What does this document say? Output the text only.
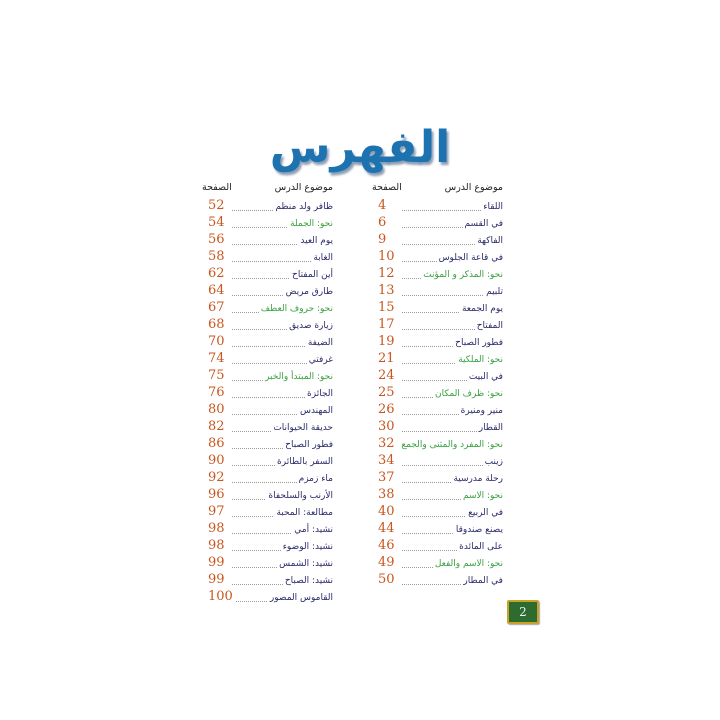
الفهرس
موضوع الدرس
الصفحة
اللقاء
4
في القسم
6
الفاكهة
9
في قاعة الجلوس
10
نحو: المذكر و المؤنث
12
تلبيم
13
يوم الجمعة
15
المفتاح
17
فطور الصباح
19
نحو: الملكية
21
في البيت
24
نحو: ظرف المكان
25
منير ومنيرة
26
القطار
30
نحو: المفرد والمثنى والجمع
32
زينب
34
رحلة مدرسية
37
نحو: الاسم
38
في الربيع
40
يصنع صندوقا
44
على المائدة
46
نحو: الاسم والفعل
49
في المطار
50
موضوع الدرس
الصفحة
ظافر ولد منظم
52
نحو: الجملة
54
يوم العيد
56
الغابة
58
أين المفتاح
62
طارق مريض
64
نحو: حروف العطف
67
زيارة صديق
68
الضيفة
70
غرفتي
74
نحو: المبتدأ والخبر
75
الجائزة
76
المهندس
80
حديقة الحيوانات
82
فطور الصباح
86
السفر بالطائرة
90
ماء زمزم
92
الأرنب والسلحفاة
96
مطالعة: المحبة
97
نشيد: أمي
98
نشيد: الوضوء
98
نشيد: الشمس
99
نشيد: الصباح
99
القاموس المصور
100
2
